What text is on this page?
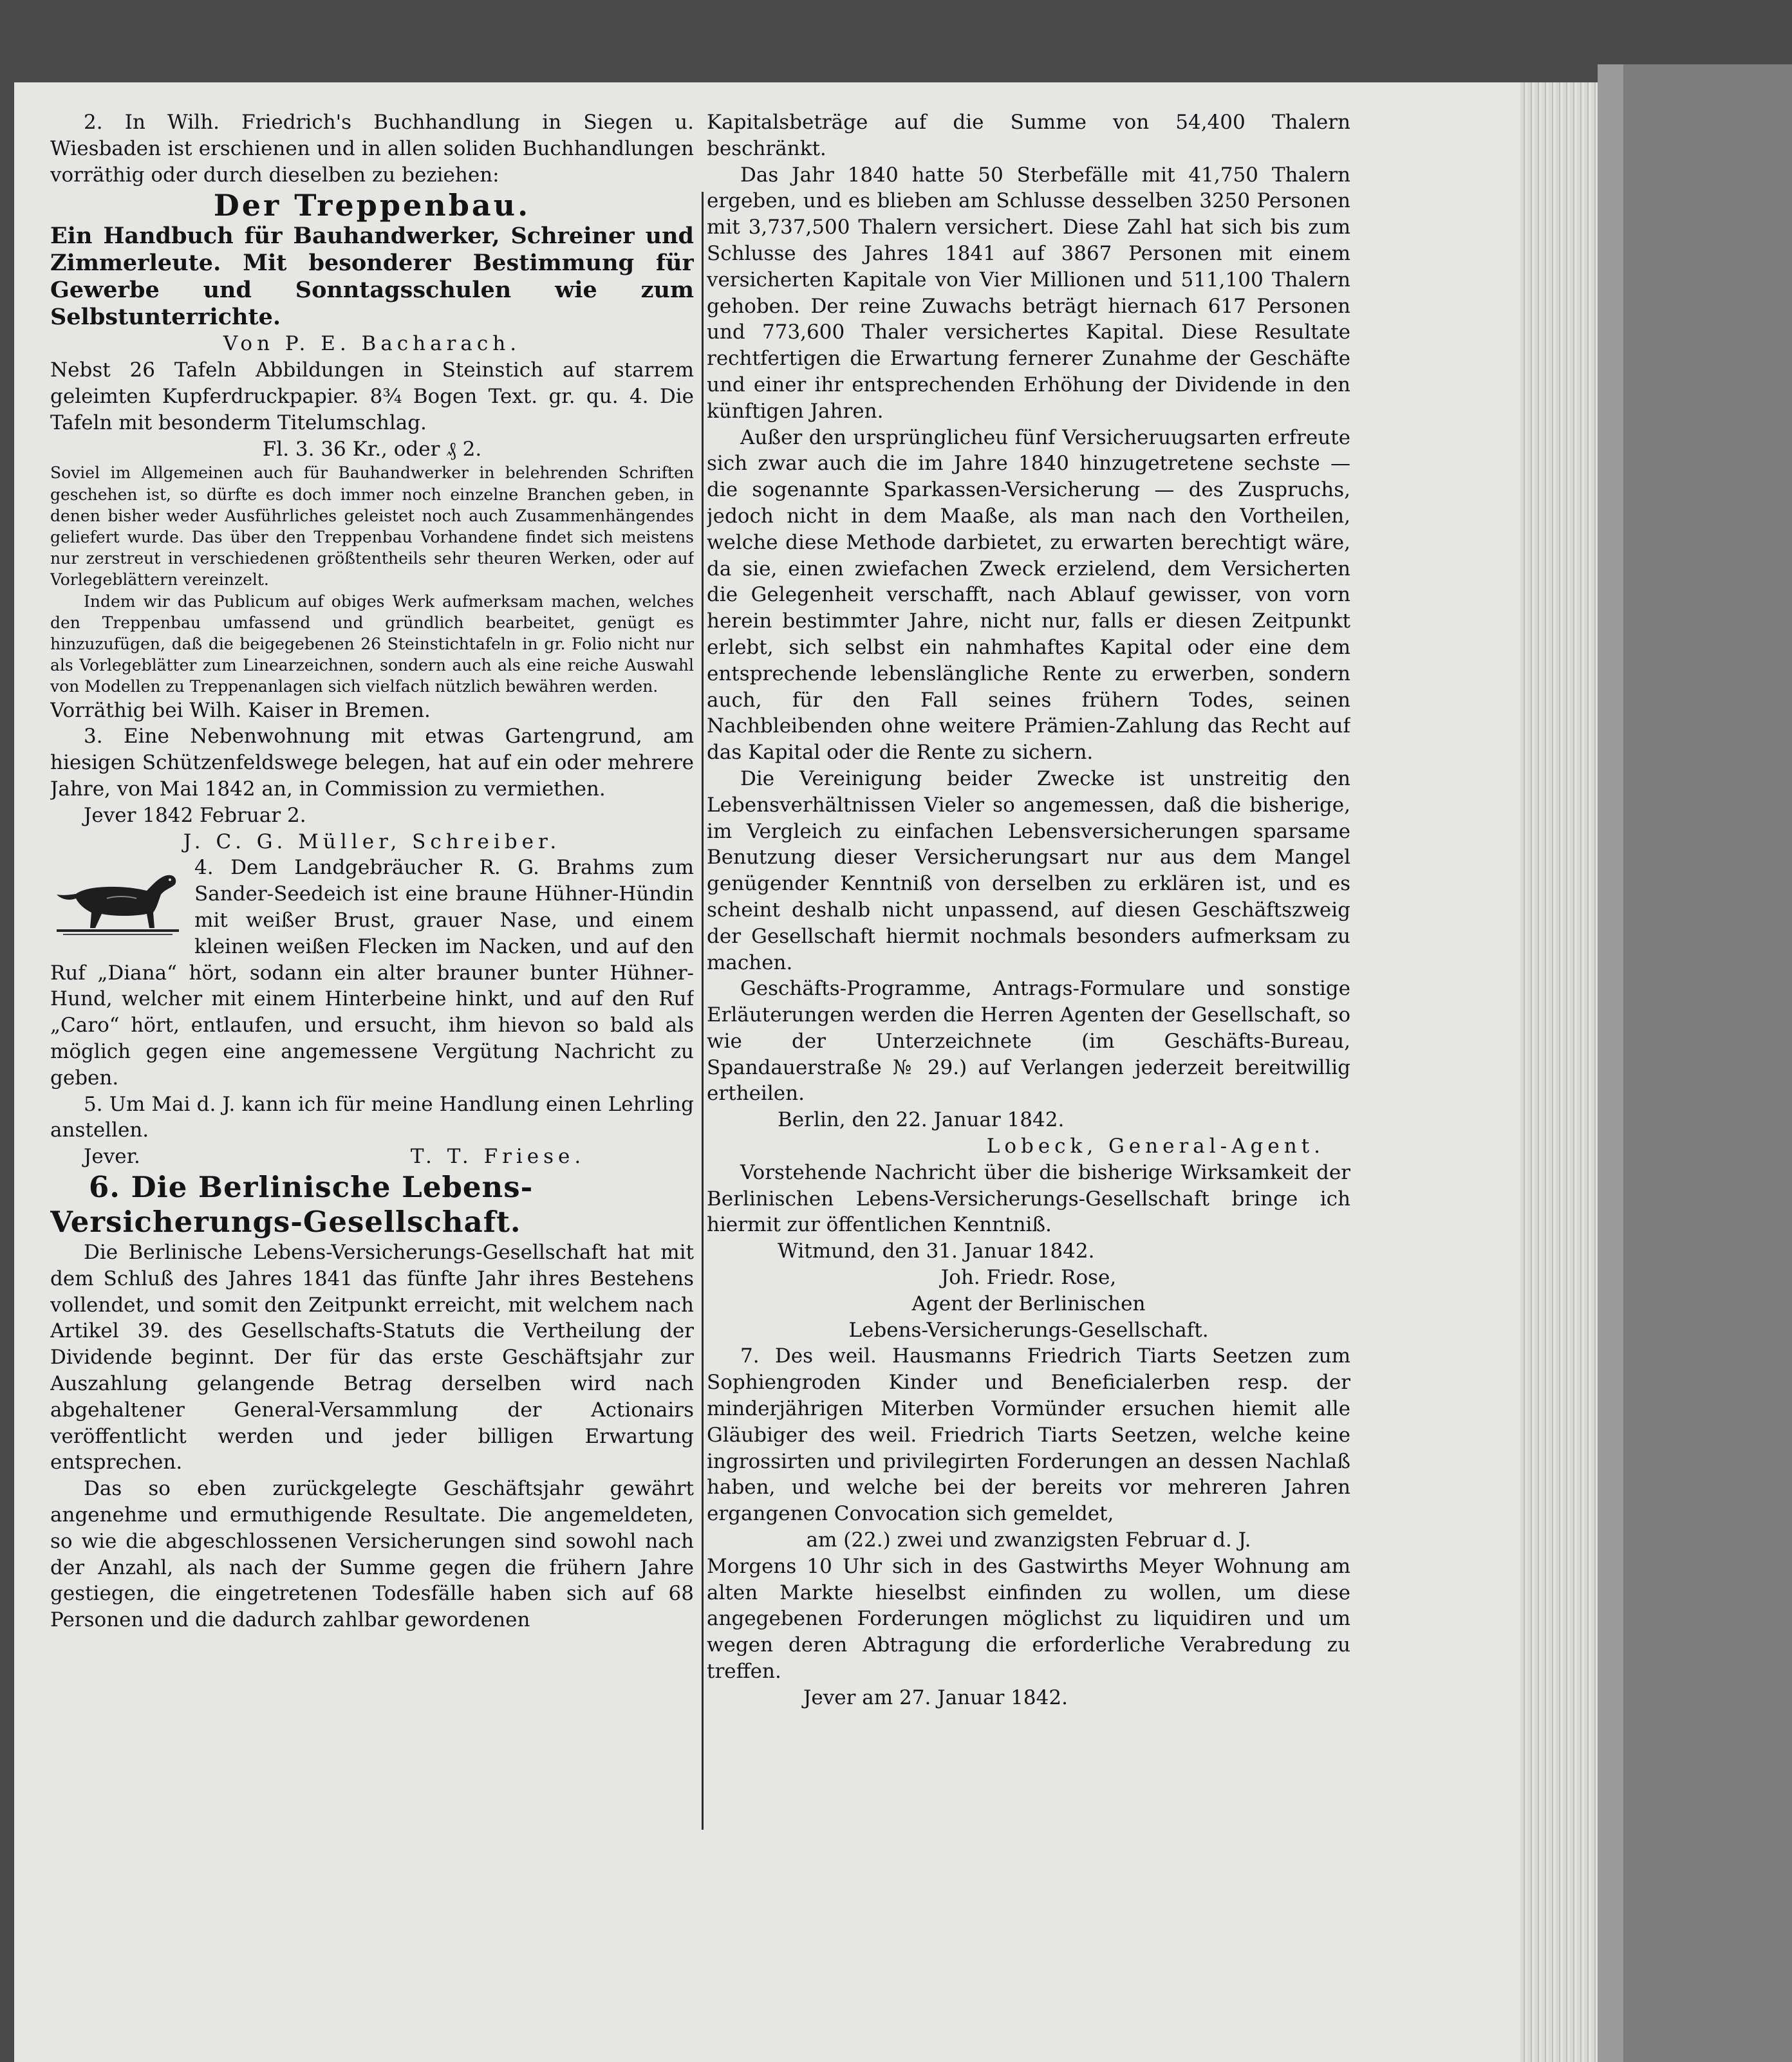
2. In Wilh. Friedrich's Buchhandlung in Siegen u. Wiesbaden ist erschienen und in allen soliden Buchhandlungen vorräthig oder durch dieselben zu beziehen:

Der Treppenbau.

Ein Handbuch für Bauhandwerker, Schreiner und Zimmerleute. Mit besonderer Bestimmung für Gewerbe und Sonntagsschulen wie zum Selbstunterrichte.

Von P. E. Bacharach.

Nebst 26 Tafeln Abbildungen in Steinstich auf starrem geleimten Kupferdruckpapier. 8¾ Bogen Text. gr. qu. 4. Die Tafeln mit besonderm Titelumschlag.

Fl. 3. 36 Kr., oder ₰ 2.

Soviel im Allgemeinen auch für Bauhandwerker in belehrenden Schriften geschehen ist, so dürfte es doch immer noch einzelne Branchen geben, in denen bisher weder Ausführliches geleistet noch auch Zusammenhängendes geliefert wurde. Das über den Treppenbau Vorhandene findet sich meistens nur zerstreut in verschiedenen größtentheils sehr theuren Werken, oder auf Vorlegeblättern vereinzelt.

Indem wir das Publicum auf obiges Werk aufmerksam machen, welches den Treppenbau umfassend und gründlich bearbeitet, genügt es hinzuzufügen, daß die beigegebenen 26 Steinstichtafeln in gr. Folio nicht nur als Vorlegeblätter zum Linearzeichnen, sondern auch als eine reiche Auswahl von Modellen zu Treppenanlagen sich vielfach nützlich bewähren werden.

Vorräthig bei Wilh. Kaiser in Bremen.

3. Eine Nebenwohnung mit etwas Gartengrund, am hiesigen Schützenfeldswege belegen, hat auf ein oder mehrere Jahre, von Mai 1842 an, in Commission zu vermiethen.

Jever 1842 Februar 2.

J. C. G. Müller, Schreiber.

4. Dem Landgebräucher R. G. Brahms zum Sander-Seedeich ist eine braune Hühner-Hündin mit weißer Brust, grauer Nase, und einem kleinen weißen Flecken im Nacken, und auf den Ruf „Diana“ hört, sodann ein alter brauner bunter Hühner-Hund, welcher mit einem Hinterbeine hinkt, und auf den Ruf „Caro“ hört, entlaufen, und ersucht, ihm hievon so bald als möglich gegen eine angemessene Vergütung Nachricht zu geben.

5. Um Mai d. J. kann ich für meine Handlung einen Lehrling anstellen.

Jever.	T. T. Friese.

6. Die Berlinische Lebens-Versicherungs-Gesellschaft.

Die Berlinische Lebens-Versicherungs-Gesellschaft hat mit dem Schluß des Jahres 1841 das fünfte Jahr ihres Bestehens vollendet, und somit den Zeitpunkt erreicht, mit welchem nach Artikel 39. des Gesellschafts-Statuts die Vertheilung der Dividende beginnt. Der für das erste Geschäftsjahr zur Auszahlung gelangende Betrag derselben wird nach abgehaltener General-Versammlung der Actionairs veröffentlicht werden und jeder billigen Erwartung entsprechen.

Das so eben zurückgelegte Geschäftsjahr gewährt angenehme und ermuthigende Resultate. Die angemeldeten, so wie die abgeschlossenen Versicherungen sind sowohl nach der Anzahl, als nach der Summe gegen die frühern Jahre gestiegen, die eingetretenen Todesfälle haben sich auf 68 Personen und die dadurch zahlbar gewordenen

Kapitalsbeträge auf die Summe von 54,400 Thalern beschränkt.

Das Jahr 1840 hatte 50 Sterbefälle mit 41,750 Thalern ergeben, und es blieben am Schlusse desselben 3250 Personen mit 3,737,500 Thalern versichert. Diese Zahl hat sich bis zum Schlusse des Jahres 1841 auf 3867 Personen mit einem versicherten Kapitale von Vier Millionen und 511,100 Thalern gehoben. Der reine Zuwachs beträgt hiernach 617 Personen und 773,600 Thaler versichertes Kapital. Diese Resultate rechtfertigen die Erwartung fernerer Zunahme der Geschäfte und einer ihr entsprechenden Erhöhung der Dividende in den künftigen Jahren.

Außer den ursprünglicheu fünf Versicheruugsarten erfreute sich zwar auch die im Jahre 1840 hinzugetretene sechste — die sogenannte Sparkassen-Versicherung — des Zuspruchs, jedoch nicht in dem Maaße, als man nach den Vortheilen, welche diese Methode darbietet, zu erwarten berechtigt wäre, da sie, einen zwiefachen Zweck erzielend, dem Versicherten die Gelegenheit verschafft, nach Ablauf gewisser, von vorn herein bestimmter Jahre, nicht nur, falls er diesen Zeitpunkt erlebt, sich selbst ein nahmhaftes Kapital oder eine dem entsprechende lebenslängliche Rente zu erwerben, sondern auch, für den Fall seines frühern Todes, seinen Nachbleibenden ohne weitere Prämien-Zahlung das Recht auf das Kapital oder die Rente zu sichern.

Die Vereinigung beider Zwecke ist unstreitig den Lebensverhältnissen Vieler so angemessen, daß die bisherige, im Vergleich zu einfachen Lebensversicherungen sparsame Benutzung dieser Versicherungsart nur aus dem Mangel genügender Kenntniß von derselben zu erklären ist, und es scheint deshalb nicht unpassend, auf diesen Geschäftszweig der Gesellschaft hiermit nochmals besonders aufmerksam zu machen.

Geschäfts-Programme, Antrags-Formulare und sonstige Erläuterungen werden die Herren Agenten der Gesellschaft, so wie der Unterzeichnete (im Geschäfts-Bureau, Spandauerstraße № 29.) auf Verlangen jederzeit bereitwillig ertheilen.

Berlin, den 22. Januar 1842.

Lobeck, General-Agent.

Vorstehende Nachricht über die bisherige Wirksamkeit der Berlinischen Lebens-Versicherungs-Gesellschaft bringe ich hiermit zur öffentlichen Kenntniß.

Witmund, den 31. Januar 1842.

Joh. Friedr. Rose,

Agent der Berlinischen

Lebens-Versicherungs-Gesellschaft.

7. Des weil. Hausmanns Friedrich Tiarts Seetzen zum Sophiengroden Kinder und Beneficialerben resp. der minderjährigen Miterben Vormünder ersuchen hiemit alle Gläubiger des weil. Friedrich Tiarts Seetzen, welche keine ingrossirten und privilegirten Forderungen an dessen Nachlaß haben, und welche bei der bereits vor mehreren Jahren ergangenen Convocation sich gemeldet,

am (22.) zwei und zwanzigsten Februar d. J.

Morgens 10 Uhr sich in des Gastwirths Meyer Wohnung am alten Markte hieselbst einfinden zu wollen, um diese angegebenen Forderungen möglichst zu liquidiren und um wegen deren Abtragung die erforderliche Verabredung zu treffen.

Jever am 27. Januar 1842.
